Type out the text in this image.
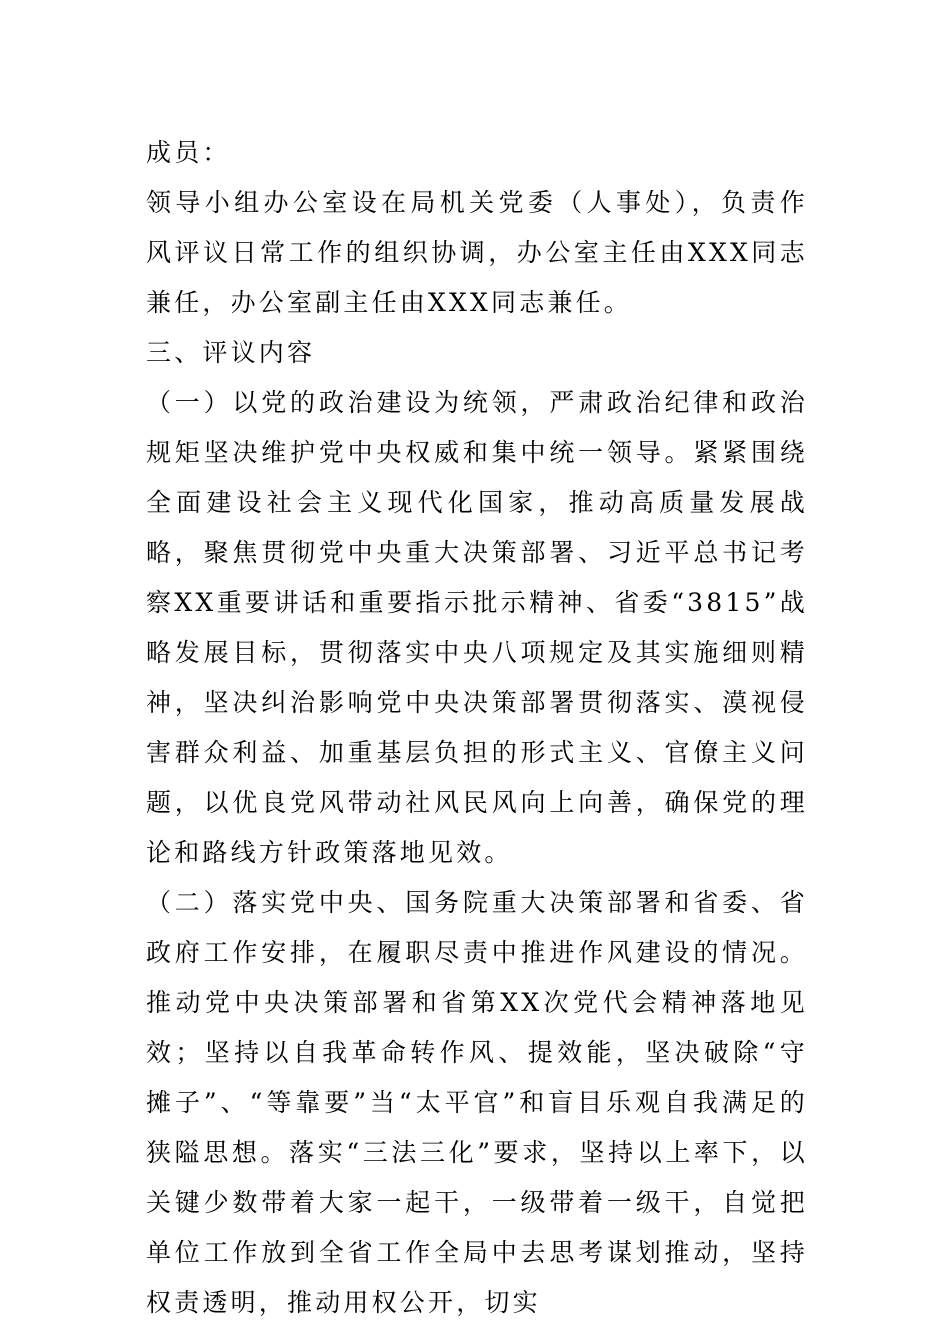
成员：

领导小组办公室设在局机关党委（人事处），负责作风评议日常工作的组织协调，办公室主任由XXX同志兼任，办公室副主任由XXX同志兼任。

三、评议内容

（一）以党的政治建设为统领，严肃政治纪律和政治规矩坚决维护党中央权威和集中统一领导。紧紧围绕全面建设社会主义现代化国家，推动高质量发展战略，聚焦贯彻党中央重大决策部署、习近平总书记考察XX重要讲话和重要指示批示精神、省委“3815”战略发展目标，贯彻落实中央八项规定及其实施细则精神，坚决纠治影响党中央决策部署贯彻落实、漠视侵害群众利益、加重基层负担的形式主义、官僚主义问题，以优良党风带动社风民风向上向善，确保党的理论和路线方针政策落地见效。

（二）落实党中央、国务院重大决策部署和省委、省政府工作安排，在履职尽责中推进作风建设的情况。推动党中央决策部署和省第XX次党代会精神落地见效；坚持以自我革命转作风、提效能，坚决破除“守摊子”、“等靠要”当“太平官”和盲目乐观自我满足的狭隘思想。落实“三法三化”要求，坚持以上率下，以关键少数带着大家一起干，一级带着一级干，自觉把单位工作放到全省工作全局中去思考谋划推动，坚持权责透明，推动用权公开，切实
